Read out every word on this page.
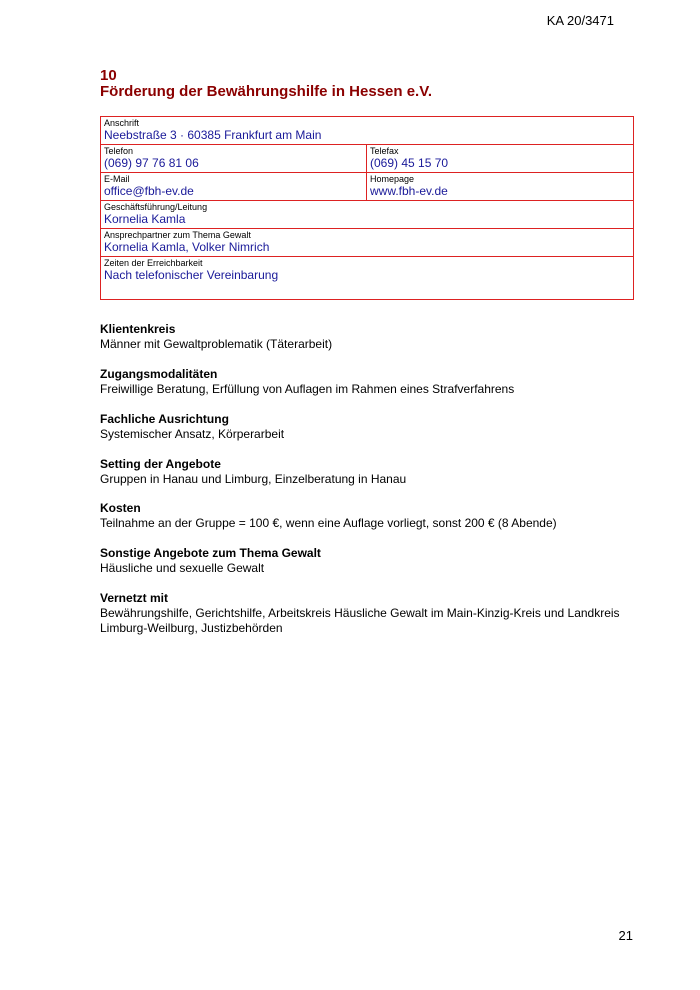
KA 20/3471
10
Förderung der Bewährungshilfe in Hessen e.V.
Anschrift
Neebstraße 3 · 60385 Frankfurt am Main
Telefon
(069) 97 76 81 06
Telefax
(069) 45 15 70
E-Mail
office@fbh-ev.de
Homepage
www.fbh-ev.de
Geschäftsführung/Leitung
Kornelia Kamla
Ansprechpartner zum Thema Gewalt
Kornelia Kamla, Volker Nimrich
Zeiten der Erreichbarkeit
Nach telefonischer Vereinbarung
Klientenkreis
Männer mit Gewaltproblematik (Täterarbeit)
Zugangsmodalitäten
Freiwillige Beratung, Erfüllung von Auflagen im Rahmen eines Strafverfahrens
Fachliche Ausrichtung
Systemischer Ansatz, Körperarbeit
Setting der Angebote
Gruppen in Hanau und Limburg, Einzelberatung in Hanau
Kosten
Teilnahme an der Gruppe = 100 €, wenn eine Auflage vorliegt, sonst 200 € (8 Abende)
Sonstige Angebote zum Thema Gewalt
Häusliche und sexuelle Gewalt
Vernetzt mit
Bewährungshilfe, Gerichtshilfe, Arbeitskreis Häusliche Gewalt im Main-Kinzig-Kreis und Landkreis Limburg-Weilburg, Justizbehörden
21
